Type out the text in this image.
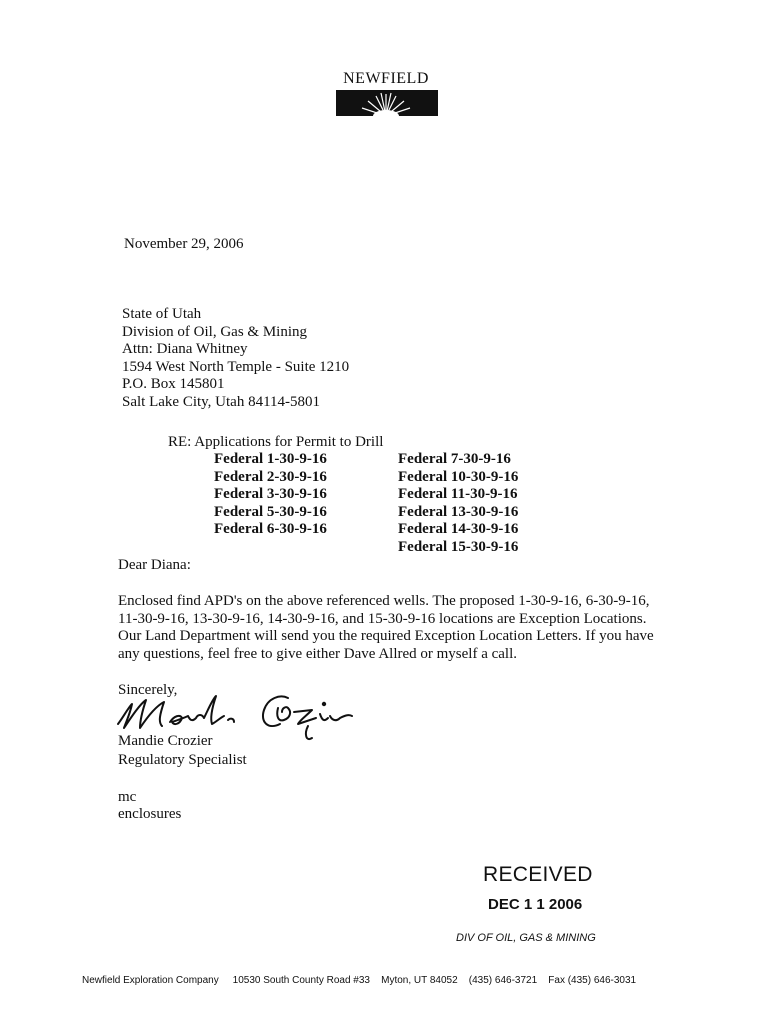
NEWFIELD
November 29, 2006
State of Utah
Division of Oil, Gas & Mining
Attn: Diana Whitney
1594 West North Temple - Suite 1210
P.O. Box 145801
Salt Lake City, Utah 84114-5801
RE: Applications for Permit to Drill
Federal 1-30-9-16
Federal 2-30-9-16
Federal 3-30-9-16
Federal 5-30-9-16
Federal 6-30-9-16
Federal 7-30-9-16
Federal 10-30-9-16
Federal 11-30-9-16
Federal 13-30-9-16
Federal 14-30-9-16
Federal 15-30-9-16
Dear Diana:
Enclosed find APD's on the above referenced wells. The proposed 1-30-9-16, 6-30-9-16,
11-30-9-16, 13-30-9-16, 14-30-9-16, and 15-30-9-16 locations are Exception Locations.
Our Land Department will send you the required Exception Location Letters. If you have
any questions, feel free to give either Dave Allred or myself a call.
Sincerely,
Mandie Crozier
Regulatory Specialist
mc
enclosures
RECEIVED
DEC 1 1 2006
DIV OF OIL, GAS & MINING
Newfield Exploration Company 10530 South County Road #33 Myton, UT 84052 (435) 646-3721 Fax (435) 646-3031
